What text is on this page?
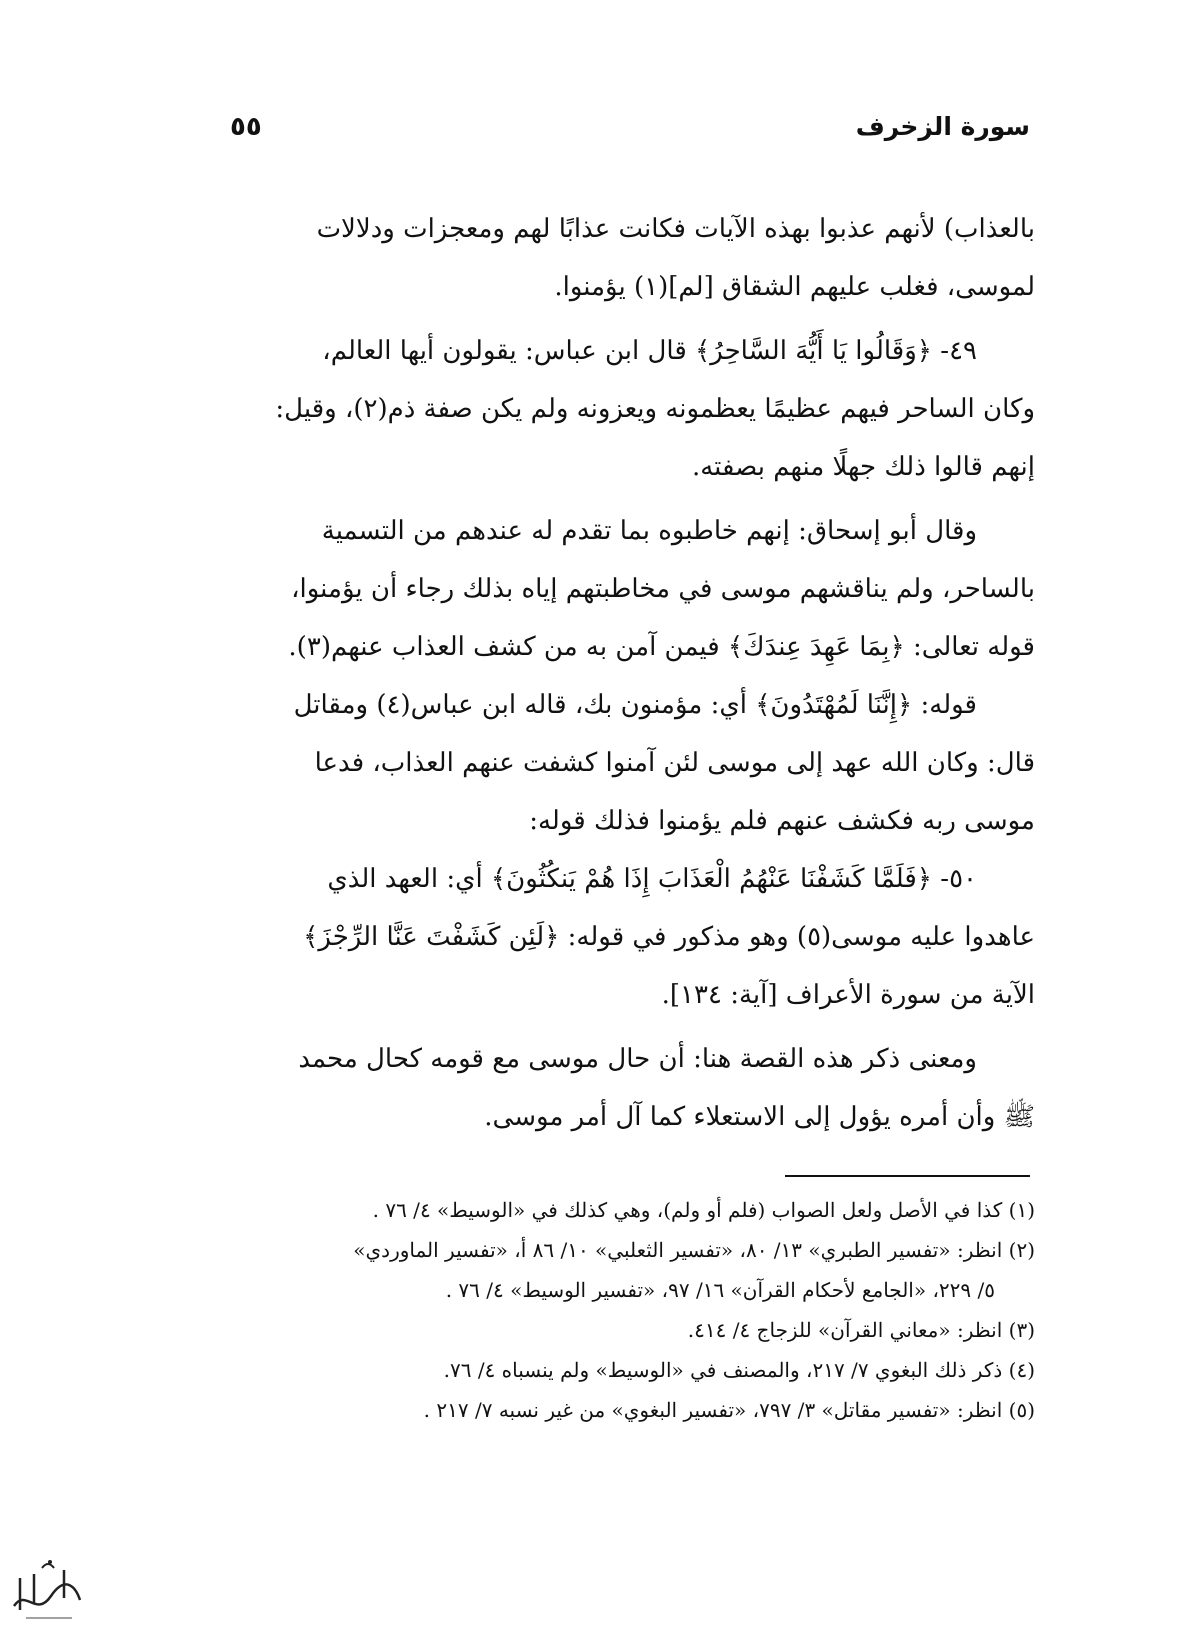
سورة الزخرف
٥٥
بالعذاب) لأنهم عذبوا بهذه الآيات فكانت عذابًا لهم ومعجزات ودلالات
لموسى، فغلب عليهم الشقاق [لم](١) يؤمنوا.
٤٩- ﴿وَقَالُوا يَا أَيُّهَ السَّاحِرُ﴾ قال ابن عباس: يقولون أيها العالم،
وكان الساحر فيهم عظيمًا يعظمونه ويعزونه ولم يكن صفة ذم(٢)، وقيل:
إنهم قالوا ذلك جهلًا منهم بصفته.
وقال أبو إسحاق: إنهم خاطبوه بما تقدم له عندهم من التسمية
بالساحر، ولم يناقشهم موسى في مخاطبتهم إياه بذلك رجاء أن يؤمنوا،
قوله تعالى: ﴿بِمَا عَهِدَ عِندَكَ﴾ فيمن آمن به من كشف العذاب عنهم(٣).
قوله: ﴿إِنَّنَا لَمُهْتَدُونَ﴾ أي: مؤمنون بك، قاله ابن عباس(٤) ومقاتل
قال: وكان الله عهد إلى موسى لئن آمنوا كشفت عنهم العذاب، فدعا
موسى ربه فكشف عنهم فلم يؤمنوا فذلك قوله:
٥٠- ﴿فَلَمَّا كَشَفْنَا عَنْهُمُ الْعَذَابَ إِذَا هُمْ يَنكُثُونَ﴾ أي: العهد الذي
عاهدوا عليه موسى(٥) وهو مذكور في قوله: ﴿لَئِن كَشَفْتَ عَنَّا الرِّجْزَ﴾
الآية من سورة الأعراف [آية: ١٣٤].
ومعنى ذكر هذه القصة هنا: أن حال موسى مع قومه كحال محمد
ﷺ وأن أمره يؤول إلى الاستعلاء كما آل أمر موسى.
(١) كذا في الأصل ولعل الصواب (فلم أو ولم)، وهي كذلك في «الوسيط» ٤/ ٧٦ .
(٢) انظر: «تفسير الطبري» ١٣/ ٨٠، «تفسير الثعلبي» ١٠/ ٨٦ أ، «تفسير الماوردي»
٥/ ٢٢٩، «الجامع لأحكام القرآن» ١٦/ ٩٧، «تفسير الوسيط» ٤/ ٧٦ .
(٣) انظر: «معاني القرآن» للزجاج ٤/ ٤١٤.
(٤) ذكر ذلك البغوي ٧/ ٢١٧، والمصنف في «الوسيط» ولم ينسباه ٤/ ٧٦.
(٥) انظر: «تفسير مقاتل» ٣/ ٧٩٧، «تفسير البغوي» من غير نسبه ٧/ ٢١٧ .
